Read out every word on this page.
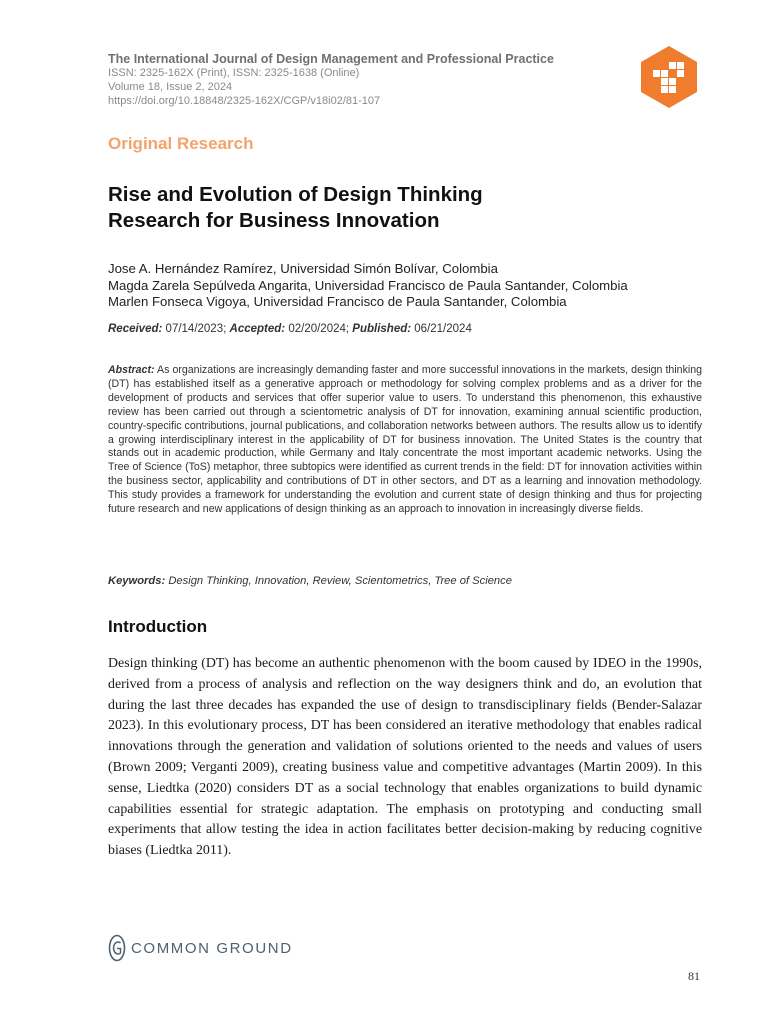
The International Journal of Design Management and Professional Practice
ISSN: 2325-162X (Print), ISSN: 2325-1638 (Online)
Volume 18, Issue 2, 2024
https://doi.org/10.18848/2325-162X/CGP/v18i02/81-107
Original Research
Rise and Evolution of Design Thinking
Research for Business Innovation
Jose A. Hernández Ramírez, Universidad Simón Bolívar, Colombia
Magda Zarela Sepúlveda Angarita, Universidad Francisco de Paula Santander, Colombia
Marlen Fonseca Vigoya, Universidad Francisco de Paula Santander, Colombia
Received: 07/14/2023; Accepted: 02/20/2024; Published: 06/21/2024

Abstract: As organizations are increasingly demanding faster and more successful innovations in the markets, design thinking (DT) has established itself as a generative approach or methodology for solving complex problems and as a driver for the development of products and services that offer superior value to users. To understand this phenomenon, this exhaustive review has been carried out through a scientometric analysis of DT for innovation, examining annual scientific production, country-specific contributions, journal publications, and collaboration networks between authors. The results allow us to identify a growing interdisciplinary interest in the applicability of DT for business innovation. The United States is the country that stands out in academic production, while Germany and Italy concentrate the most important academic networks. Using the Tree of Science (ToS) metaphor, three subtopics were identified as current trends in the field: DT for innovation activities within the business sector, applicability and contributions of DT in other sectors, and DT as a learning and innovation methodology. This study provides a framework for understanding the evolution and current state of design thinking and thus for projecting future research and new applications of design thinking as an approach to innovation in increasingly diverse fields.

Keywords: Design Thinking, Innovation, Review, Scientometrics, Tree of Science
Introduction

Design thinking (DT) has become an authentic phenomenon with the boom caused by IDEO in the 1990s, derived from a process of analysis and reflection on the way designers think and do, an evolution that during the last three decades has expanded the use of design to transdisciplinary fields (Bender-Salazar 2023). In this evolutionary process, DT has been considered an iterative methodology that enables radical innovations through the generation and validation of solutions oriented to the needs and values of users (Brown 2009; Verganti 2009), creating business value and competitive advantages (Martin 2009). In this sense, Liedtka (2020) considers DT as a social technology that enables organizations to build dynamic capabilities essential for strategic adaptation. The emphasis on prototyping and conducting small experiments that allow testing the idea in action facilitates better decision-making by reducing cognitive biases (Liedtka 2011).

COMMON GROUND
81
